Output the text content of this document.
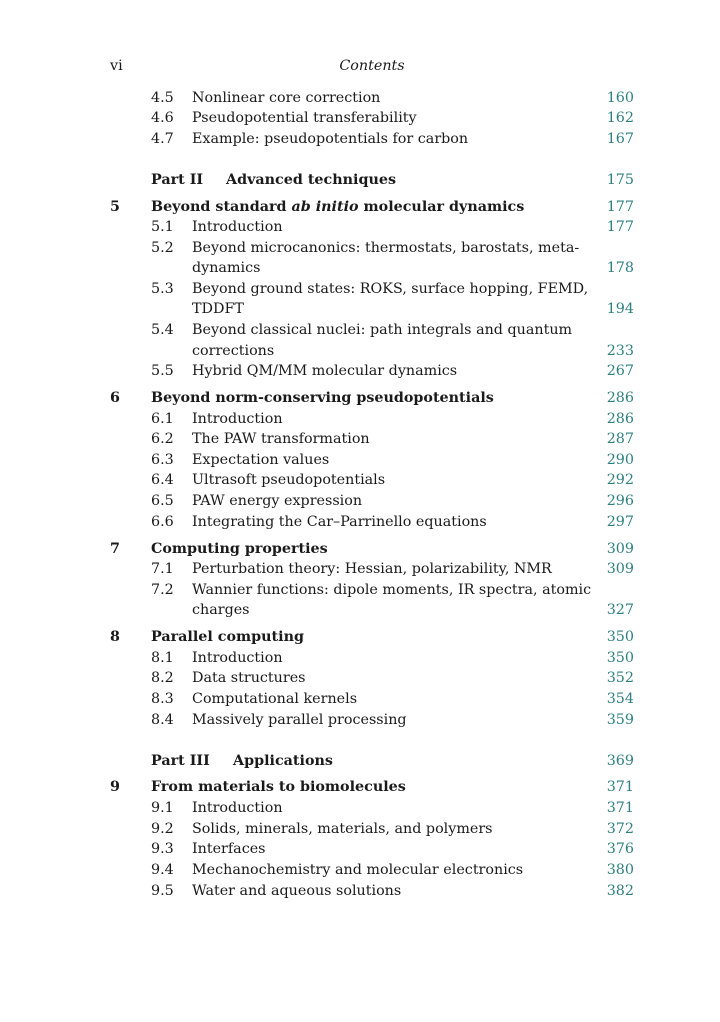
vi	Contents
4.5 Nonlinear core correction	160
4.6 Pseudopotential transferability	162
4.7 Example: pseudopotentials for carbon	167
Part II Advanced techniques	175
5 Beyond standard ab initio molecular dynamics	177
5.1 Introduction	177
5.2 Beyond microcanonics: thermostats, barostats, meta-
dynamics	178
5.3 Beyond ground states: ROKS, surface hopping, FEMD,
TDDFT	194
5.4 Beyond classical nuclei: path integrals and quantum
corrections	233
5.5 Hybrid QM/MM molecular dynamics	267
6 Beyond norm-conserving pseudopotentials	286
6.1 Introduction	286
6.2 The PAW transformation	287
6.3 Expectation values	290
6.4 Ultrasoft pseudopotentials	292
6.5 PAW energy expression	296
6.6 Integrating the Car–Parrinello equations	297
7 Computing properties	309
7.1 Perturbation theory: Hessian, polarizability, NMR	309
7.2 Wannier functions: dipole moments, IR spectra, atomic
charges	327
8 Parallel computing	350
8.1 Introduction	350
8.2 Data structures	352
8.3 Computational kernels	354
8.4 Massively parallel processing	359
Part III Applications	369
9 From materials to biomolecules	371
9.1 Introduction	371
9.2 Solids, minerals, materials, and polymers	372
9.3 Interfaces	376
9.4 Mechanochemistry and molecular electronics	380
9.5 Water and aqueous solutions	382
